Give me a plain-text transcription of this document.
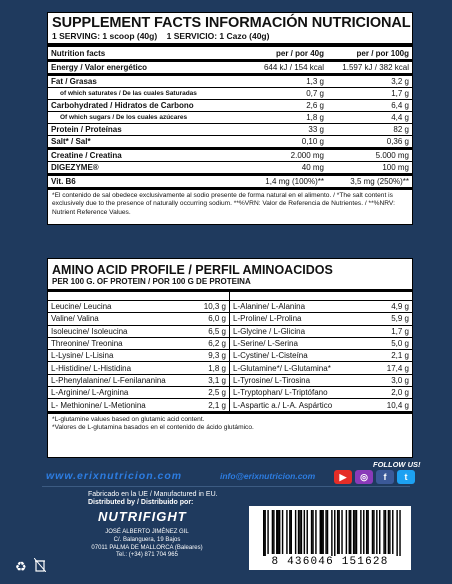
SUPPLEMENT FACTS INFORMACIÓN NUTRICIONAL
1 SERVING: 1 scoop (40g) 1 SERVICIO: 1 Cazo (40g)
Nutrition facts	per / por 40g	per / por 100g
Energy / Valor energético	644 kJ / 154 kcal	1.597 kJ / 382 kcal
Fat / Grasas	1,3 g	3,2 g
of which saturates / De las cuales Saturadas	0,7 g	1,7 g
Carbohydrated / Hidratos de Carbono	2,6 g	6,4 g
Of which sugars / De los cuales azúcares	1,8 g	4,4 g
Protein / Proteínas	33 g	82 g
Salt* / Sal*	0,10 g	0,36 g
Creatine / Creatina	2.000 mg	5.000 mg
DIGEZYME®	40 mg	100 mg
Vit. B6	1,4 mg (100%)**	3,5 mg (250%)**
*El contenido de sal obedece exclusivamente al sodio presente de forma natural en el alimento. / *The salt content is exclusively due to the presence of naturally occurring sodium. **%VRN: Valor de Referencia de Nutrientes. / **%NRV: Nutrient Reference Values.
AMINO ACID PROFILE / PERFIL AMINOACIDOS
PER 100 G. OF PROTEIN / POR 100 G DE PROTEINA

Leucine/ Leucina	10,3 g	L-Alanine/ L-Alanina	4,9 g
Valine/ Valina	6,0 g	L-Proline/ L-Prolina	5,9 g
Isoleucine/ Isoleucina	6,5 g	L-Glycine / L-Glicina	1,7 g
Threonine/ Treonina	6,2 g	L-Serine/ L-Serina	5,0 g
L-Lysine/ L-Lisina	9,3 g	L-Cystine/ L-Cisteína	2,1 g
L-Histidine/ L-Histidina	1,8 g	L-Glutamine*/ L-Glutamina*	17,4 g
L-Phenylalanine/ L-Fenilananina	3,1 g	L-Tyrosine/ L-Tirosina	3,0 g
L-Arginine/ L-Arginina	2,5 g	L-Tryptophan/ L-Triptófano	2,0 g
L- Methionine/ L-Metionina	2,1 g	L-Aspartic a./ L-A. Aspártico	10,4 g
*L-glutamine values based on glutamic acid content.
*Valores de L-glutamina basados en el contenido de ácido glutámico.
www.erixnutricion.com	info@erixnutricion.com
FOLLOW US!
▶	◎	f	t
Fabricado en la UE / Manufactured in EU.
Distributed by / Distribuido por:
NUTRIFIGHT
JOSÉ ALBERTO JIMÉNEZ GIL
C/. Balanguera, 19 Bajos
07011 PALMA DE MALLORCA (Baleares)
Tel.: (+34) 871 704 965
♻	8 436046 151628
